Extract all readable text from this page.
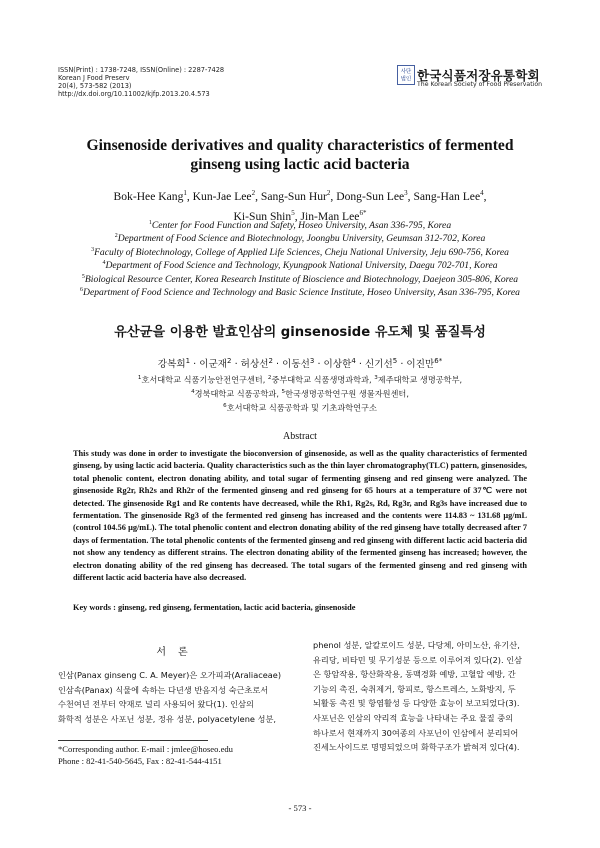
ISSN(Print) : 1738-7248, ISSN(Online) : 2287-7428
Korean J Food Preserv
20(4), 573-582 (2013)
http://dx.doi.org/10.11002/kjfp.2013.20.4.573
사단
법인 한국식품저장유통학회
The Korean Society of Food Preservation
Ginsenoside derivatives and quality characteristics of fermented
ginseng using lactic acid bacteria
Bok-Hee Kang$^1$, Kun-Jae Lee$^2$, Sang-Sun Hur$^2$, Dong-Sun Lee$^3$, Sang-Han Lee$^4$,
Ki-Sun Shin$^5$, Jin-Man Lee$^{6*}$
$^1$Center for Food Function and Safety, Hoseo University, Asan 336-795, Korea
$^2$Department of Food Science and Biotechnology, Joongbu University, Geumsan 312-702, Korea
$^3$Faculty of Biotechnology, College of Applied Life Sciences, Cheju National University, Jeju 690-756, Korea
$^4$Department of Food Science and Technology, Kyungpook National University, Daegu 702-701, Korea
$^5$Biological Resource Center, Korea Research Institute of Bioscience and Biotechnology, Daejeon 305-806, Korea
$^6$Department of Food Science and Technology and Basic Science Institute, Hoseo University, Asan 336-795, Korea
유산균을 이용한 발효인삼의 ginsenoside 유도체 및 품질특성
강복희$^1$ · 이군재$^2$ · 허상선$^2$ · 이동선$^3$ · 이상한$^4$ · 신기선$^5$ · 이진만$^{6*}$
$^1$호서대학교 식품기능안전연구센터, $^2$중부대학교 식품생명과학과, $^3$제주대학교 생명공학부,
$^4$경북대학교 식품공학과, $^5$한국생명공학연구원 생물자원센터,
$^6$호서대학교 식품공학과 및 기초과학연구소
Abstract
This study was done in order to investigate the bioconversion of ginsenoside, as well as the quality characteristics of fermented ginseng, by using lactic acid bacteria. Quality characteristics such as the thin layer chromatography(TLC) pattern, ginsenosides, total phenolic content, electron donating ability, and total sugar of fermenting ginseng and red ginseng were analyzed. The ginsenoside Rg2r, Rh2s and Rh2r of the fermented ginseng and red ginseng for 65 hours at a temperature of 37℃ were not detected. The ginsenoside Rg1 and Re contents have decreased, while the Rh1, Rg2s, Rd, Rg3r, and Rg3s have increased due to fermentation. The ginsenoside Rg3 of the fermented red ginseng has increased and the contents were 114.83 ~ 131.68 μg/mL (control 104.56 μg/mL). The total phenolic content and electron donating ability of the red ginseng have totally decreased after 7 days of fermentation. The total phenolic contents of the fermented ginseng and red ginseng with different lactic acid bacteria did not show any tendency as different strains. The electron donating ability of the fermented ginseng has increased; however, the electron donating ability of the red ginseng has decreased. The total sugars of the fermented ginseng and red ginseng with different lactic acid bacteria have also decreased.
Key words : ginseng, red ginseng, fermentation, lactic acid bacteria, ginsenoside
서론
인삼(Panax ginseng C. A. Meyer)은 오가피과(Araliaceae)
인삼속(Panax) 식물에 속하는 다년생 반음지성 숙근초로서
수천여년 전부터 약재로 널리 사용되어 왔다(1). 인삼의
화학적 성분은 사포닌 성분, 정유 성분, polyacetylene 성분,
phenol 성분, 알칼로이드 성분, 다당체, 아미노산, 유기산,
유리당, 비타민 및 무기성분 등으로 이루어져 있다(2). 인삼
은 항암작용, 항산화작용, 동맥경화 예방, 고혈압 예방, 간
기능의 촉진, 숙취제거, 항피로, 항스트레스, 노화방지, 두
뇌활동 촉진 및 항염활성 등 다양한 효능이 보고되었다(3).
사포닌은 인삼의 약리적 효능을 나타내는 주요 물질 중의
하나로서 현재까지 30여종의 사포닌이 인삼에서 분리되어
진세노사이드로 명명되었으며 화학구조가 밝혀져 있다(4).
*Corresponding author. E-mail : jmlee@hoseo.edu
Phone : 82-41-540-5645, Fax : 82-41-544-4151
- 573 -
